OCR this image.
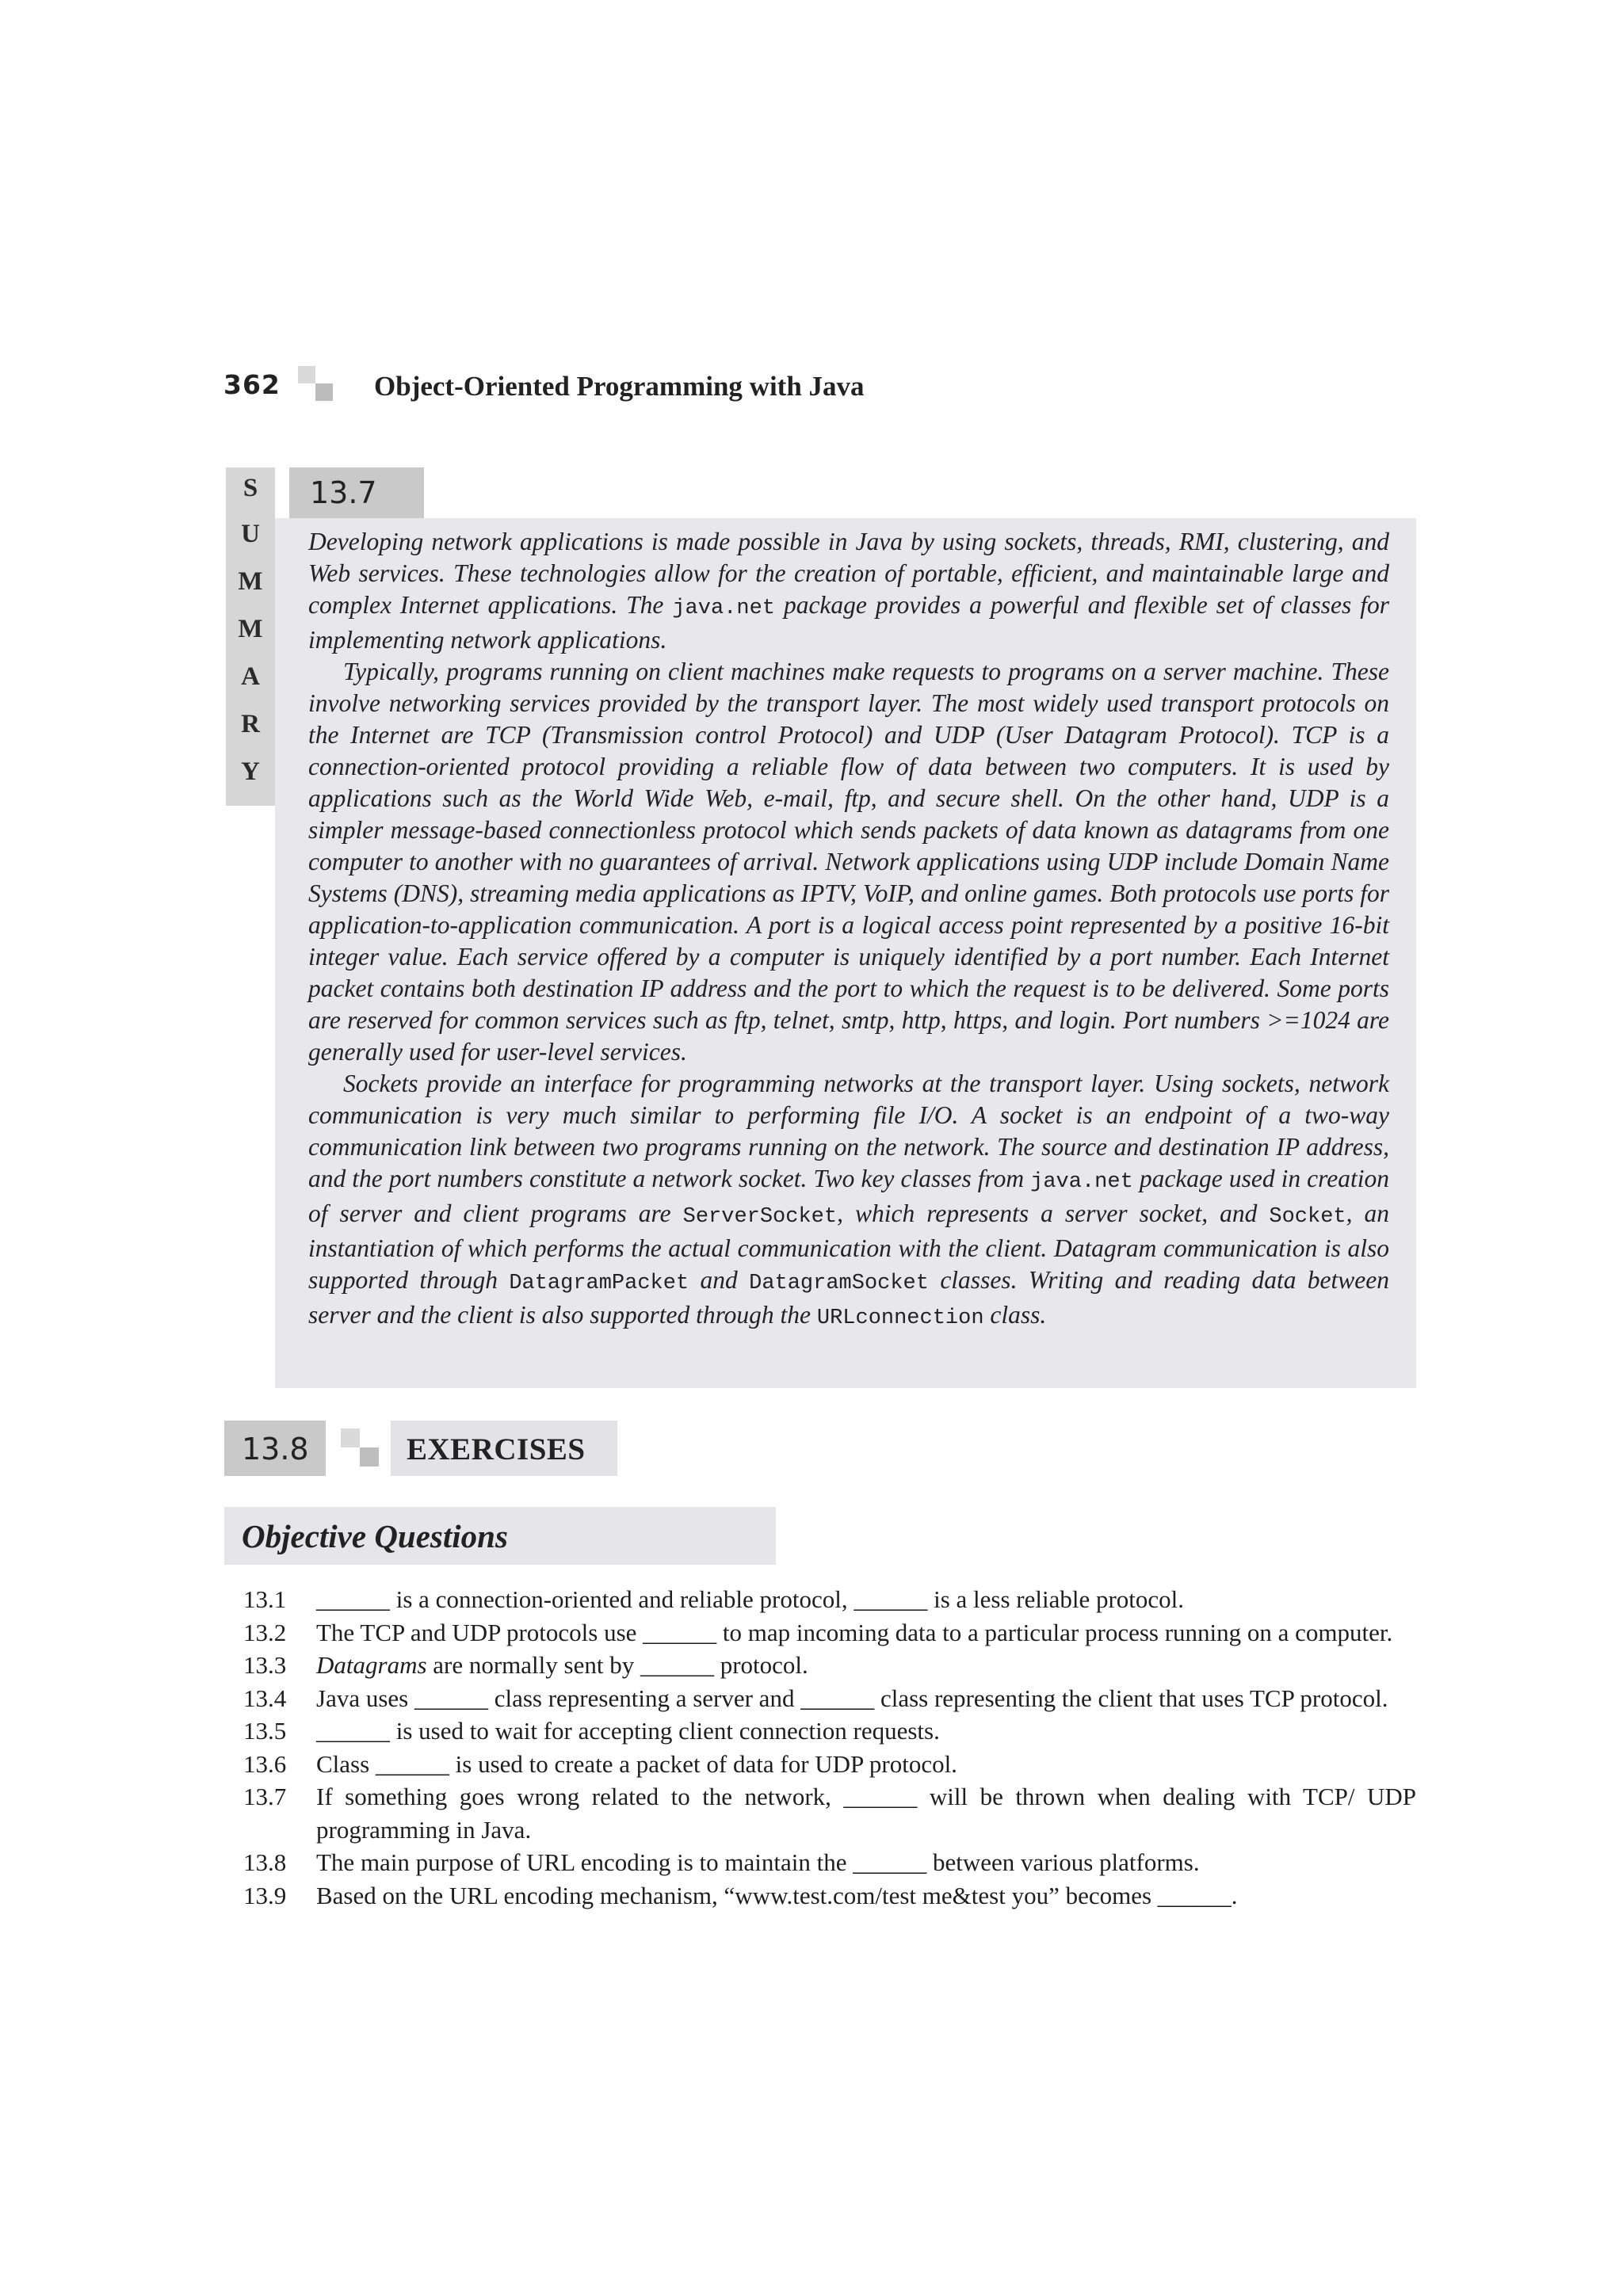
362	Object-Oriented Programming with Java
S
U
M
M
A
R
Y
13.7

Developing network applications is made possible in Java by using sockets, threads, RMI, clustering, and Web services. These technologies allow for the creation of portable, efficient, and maintainable large and complex Internet applications. The java.net package provides a powerful and flexible set of classes for implementing network applications.

Typically, programs running on client machines make requests to programs on a server machine. These involve networking services provided by the transport layer. The most widely used transport protocols on the Internet are TCP (Transmission control Protocol) and UDP (User Datagram Protocol). TCP is a connection-oriented protocol providing a reliable flow of data between two computers. It is used by applications such as the World Wide Web, e-mail, ftp, and secure shell. On the other hand, UDP is a simpler message-based connectionless protocol which sends packets of data known as datagrams from one computer to another with no guarantees of arrival. Network applications using UDP include Domain Name Systems (DNS), streaming media applications as IPTV, VoIP, and online games. Both protocols use ports for application-to-application communication. A port is a logical access point represented by a positive 16-bit integer value. Each service offered by a computer is uniquely identified by a port number. Each Internet packet contains both destination IP address and the port to which the request is to be delivered. Some ports are reserved for common services such as ftp, telnet, smtp, http, https, and login. Port numbers >=1024 are generally used for user-level services.

Sockets provide an interface for programming networks at the transport layer. Using sockets, network communication is very much similar to performing file I/O. A socket is an endpoint of a two-way communication link between two programs running on the network. The source and destination IP address, and the port numbers constitute a network socket. Two key classes from java.net package used in creation of server and client programs are ServerSocket, which represents a server socket, and Socket, an instantiation of which performs the actual communication with the client. Datagram communication is also supported through DatagramPacket and DatagramSocket classes. Writing and reading data between server and the client is also supported through the URLconnection class.

13.8	EXERCISES
Objective Questions
13.1 ______ is a connection-oriented and reliable protocol, ______ is a less reliable protocol.
13.2 The TCP and UDP protocols use ______ to map incoming data to a particular process running on a computer.
13.3 Datagrams are normally sent by ______ protocol.
13.4 Java uses ______ class representing a server and ______ class representing the client that uses TCP protocol.
13.5 ______ is used to wait for accepting client connection requests.
13.6 Class ______ is used to create a packet of data for UDP protocol.
13.7 If something goes wrong related to the network, ______ will be thrown when dealing with TCP/ UDP programming in Java.
13.8 The main purpose of URL encoding is to maintain the ______ between various platforms.
13.9 Based on the URL encoding mechanism, “www.test.com/test me&test you” becomes ______.
